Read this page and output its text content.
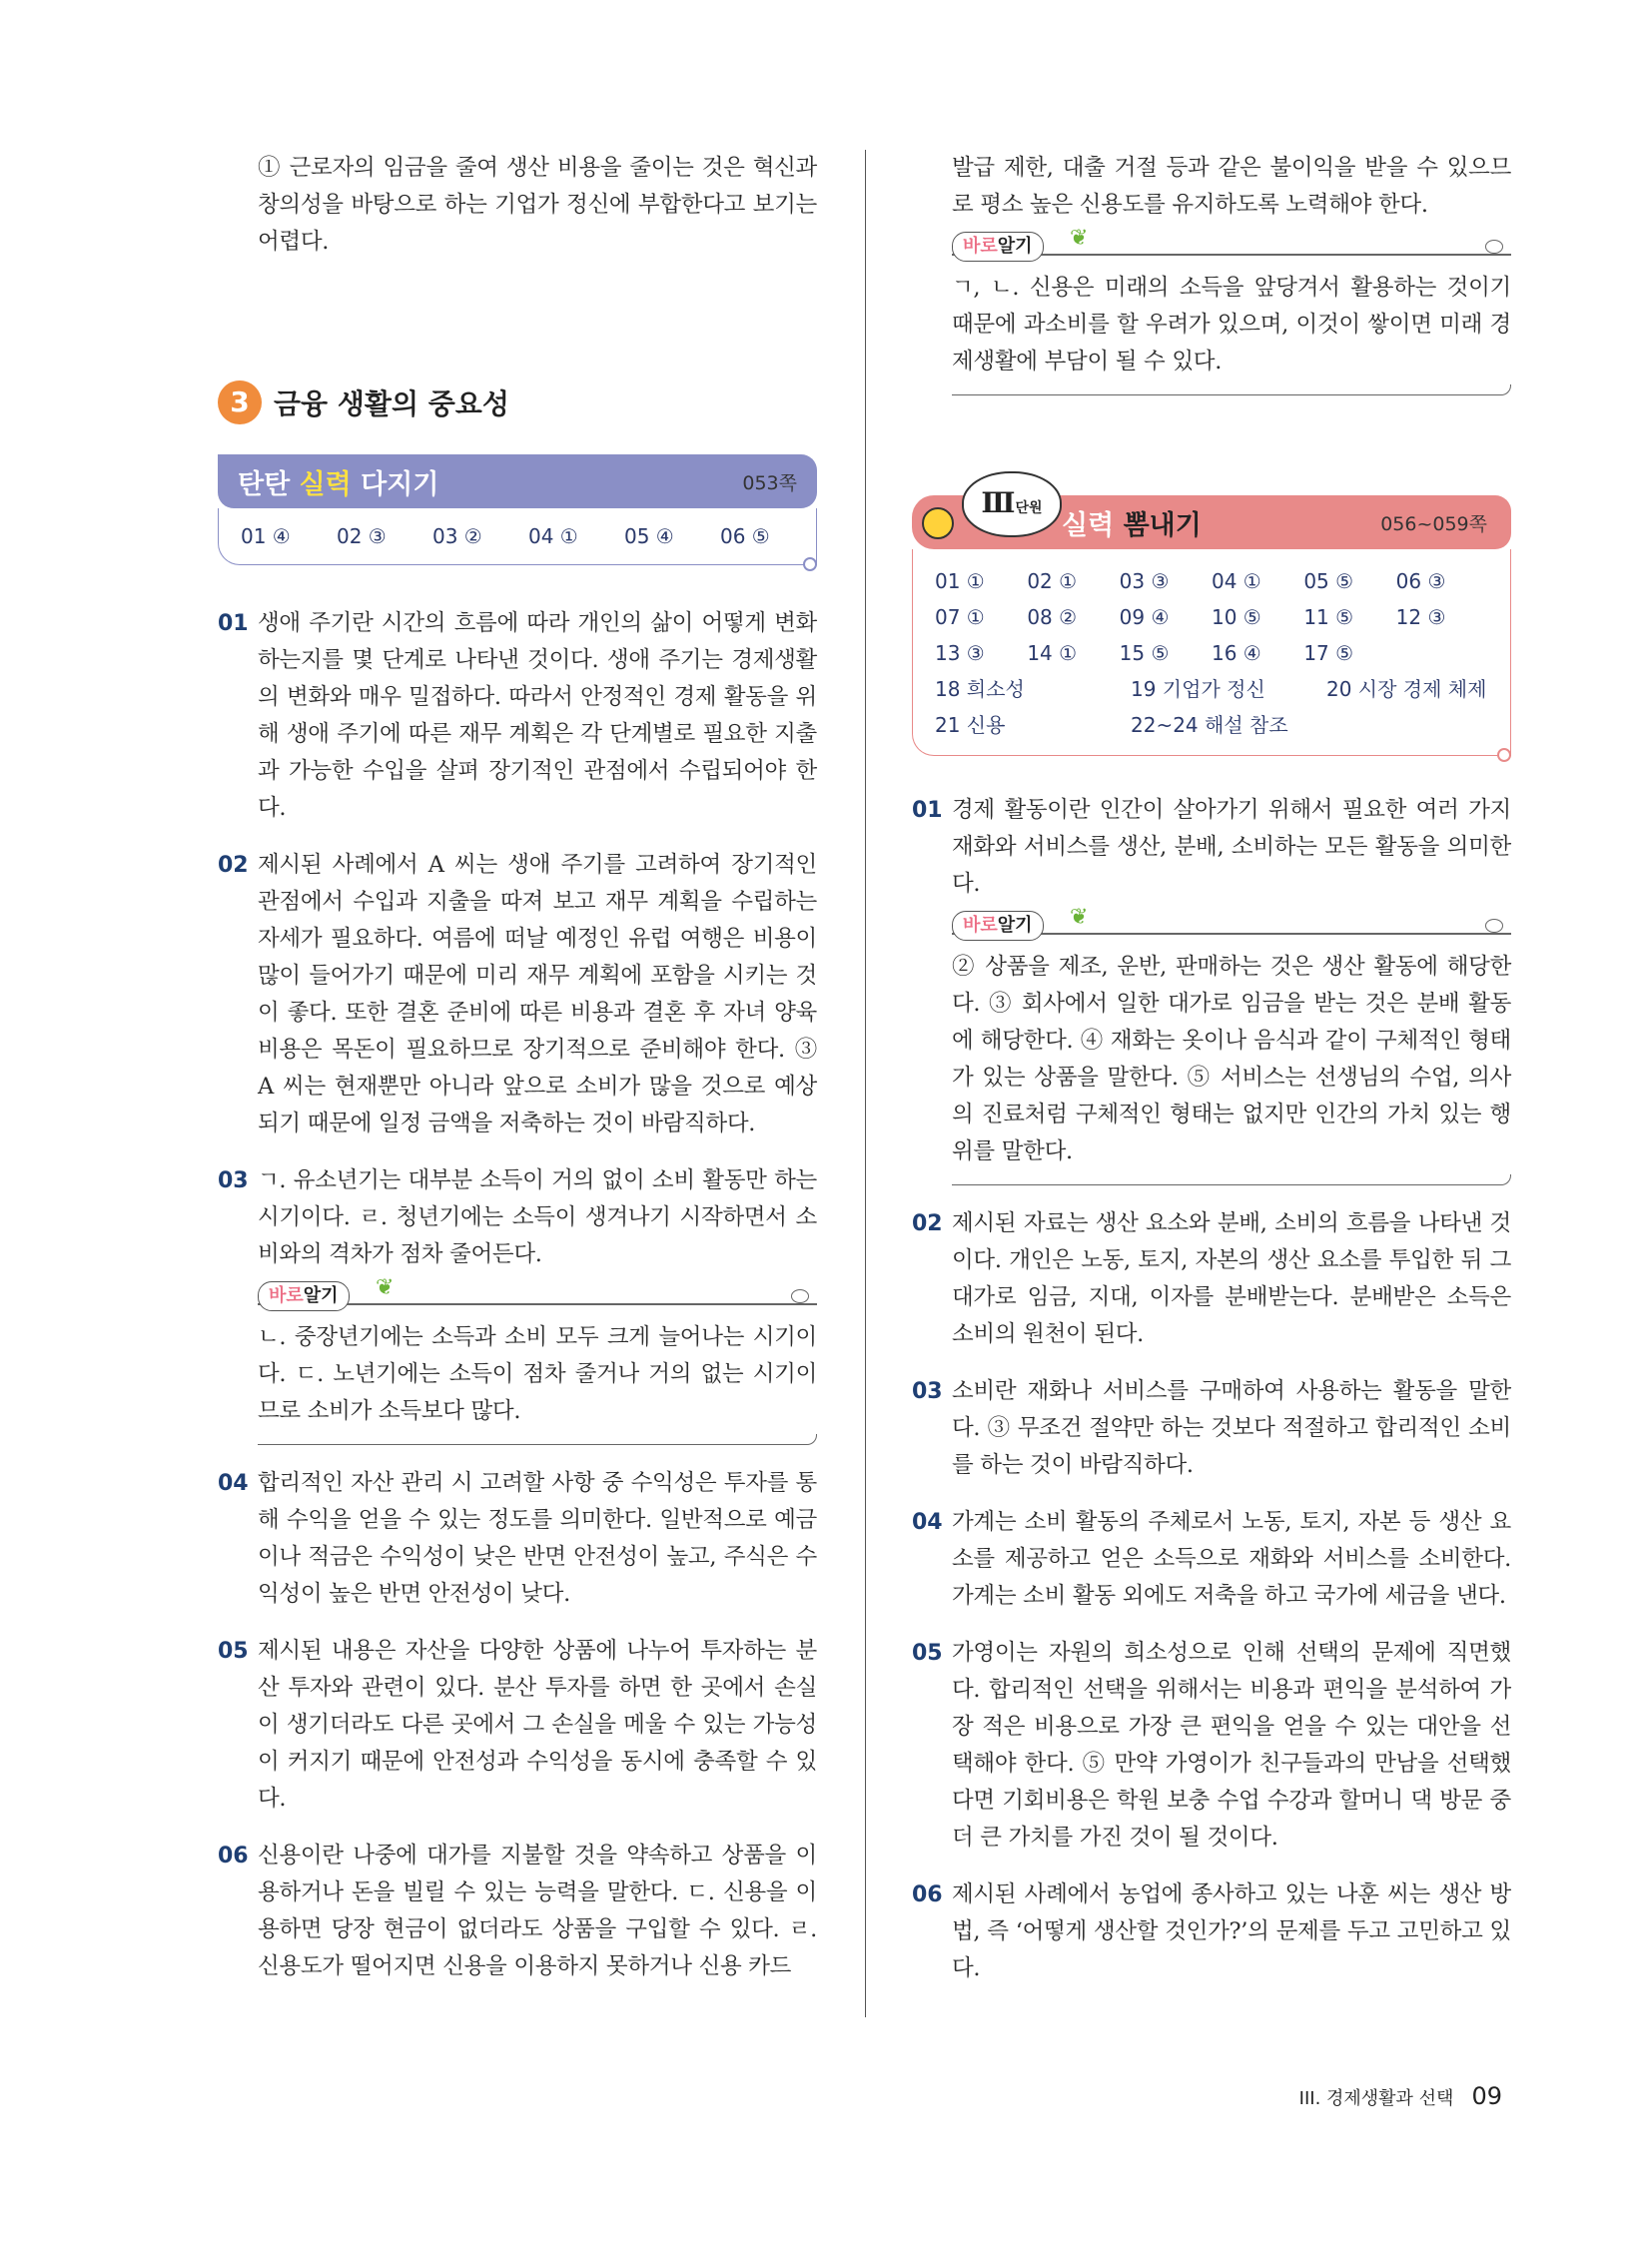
① 근로자의 임금을 줄여 생산 비용을 줄이는 것은 혁신과 창의성을 바탕으로 하는 기업가 정신에 부합한다고 보기는 어렵다.

3 금융 생활의 중요성
탄탄 실력 다지기	053쪽
01 ④	02 ③	03 ②	04 ①	05 ④	06 ⑤
01 생애 주기란 시간의 흐름에 따라 개인의 삶이 어떻게 변화하는지를 몇 단계로 나타낸 것이다. 생애 주기는 경제생활의 변화와 매우 밀접하다. 따라서 안정적인 경제 활동을 위해 생애 주기에 따른 재무 계획은 각 단계별로 필요한 지출과 가능한 수입을 살펴 장기적인 관점에서 수립되어야 한다.

02 제시된 사례에서 A 씨는 생애 주기를 고려하여 장기적인 관점에서 수입과 지출을 따져 보고 재무 계획을 수립하는 자세가 필요하다. 여름에 떠날 예정인 유럽 여행은 비용이 많이 들어가기 때문에 미리 재무 계획에 포함을 시키는 것이 좋다. 또한 결혼 준비에 따른 비용과 결혼 후 자녀 양육 비용은 목돈이 필요하므로 장기적으로 준비해야 한다. ③ A 씨는 현재뿐만 아니라 앞으로 소비가 많을 것으로 예상되기 때문에 일정 금액을 저축하는 것이 바람직하다.

03 ㄱ. 유소년기는 대부분 소득이 거의 없이 소비 활동만 하는 시기이다. ㄹ. 청년기에는 소득이 생겨나기 시작하면서 소비와의 격차가 점차 줄어든다.

바로알기 ❦

ㄴ. 중장년기에는 소득과 소비 모두 크게 늘어나는 시기이다. ㄷ. 노년기에는 소득이 점차 줄거나 거의 없는 시기이므로 소비가 소득보다 많다.

04 합리적인 자산 관리 시 고려할 사항 중 수익성은 투자를 통해 수익을 얻을 수 있는 정도를 의미한다. 일반적으로 예금이나 적금은 수익성이 낮은 반면 안전성이 높고, 주식은 수익성이 높은 반면 안전성이 낮다.

05 제시된 내용은 자산을 다양한 상품에 나누어 투자하는 분산 투자와 관련이 있다. 분산 투자를 하면 한 곳에서 손실이 생기더라도 다른 곳에서 그 손실을 메울 수 있는 가능성이 커지기 때문에 안전성과 수익성을 동시에 충족할 수 있다.

06 신용이란 나중에 대가를 지불할 것을 약속하고 상품을 이용하거나 돈을 빌릴 수 있는 능력을 말한다. ㄷ. 신용을 이용하면 당장 현금이 없더라도 상품을 구입할 수 있다. ㄹ. 신용도가 떨어지면 신용을 이용하지 못하거나 신용 카드

발급 제한, 대출 거절 등과 같은 불이익을 받을 수 있으므로 평소 높은 신용도를 유지하도록 노력해야 한다.

바로알기 ❦

ㄱ, ㄴ. 신용은 미래의 소득을 앞당겨서 활용하는 것이기 때문에 과소비를 할 우려가 있으며, 이것이 쌓이면 미래 경제생활에 부담이 될 수 있다.

Ⅲ단원
실력 뽐내기	056~059쪽
01 ①	02 ①	03 ③	04 ①	05 ⑤	06 ③
07 ①	08 ②	09 ④	10 ⑤	11 ⑤	12 ③
13 ③	14 ①	15 ⑤	16 ④	17 ⑤
18 희소성	19 기업가 정신	20 시장 경제 체제
21 신용	22~24 해설 참조
01 경제 활동이란 인간이 살아가기 위해서 필요한 여러 가지 재화와 서비스를 생산, 분배, 소비하는 모든 활동을 의미한다.

바로알기 ❦

② 상품을 제조, 운반, 판매하는 것은 생산 활동에 해당한다. ③ 회사에서 일한 대가로 임금을 받는 것은 분배 활동에 해당한다. ④ 재화는 옷이나 음식과 같이 구체적인 형태가 있는 상품을 말한다. ⑤ 서비스는 선생님의 수업, 의사의 진료처럼 구체적인 형태는 없지만 인간의 가치 있는 행위를 말한다.

02 제시된 자료는 생산 요소와 분배, 소비의 흐름을 나타낸 것이다. 개인은 노동, 토지, 자본의 생산 요소를 투입한 뒤 그 대가로 임금, 지대, 이자를 분배받는다. 분배받은 소득은 소비의 원천이 된다.

03 소비란 재화나 서비스를 구매하여 사용하는 활동을 말한다. ③ 무조건 절약만 하는 것보다 적절하고 합리적인 소비를 하는 것이 바람직하다.

04 가계는 소비 활동의 주체로서 노동, 토지, 자본 등 생산 요소를 제공하고 얻은 소득으로 재화와 서비스를 소비한다. 가계는 소비 활동 외에도 저축을 하고 국가에 세금을 낸다.

05 가영이는 자원의 희소성으로 인해 선택의 문제에 직면했다. 합리적인 선택을 위해서는 비용과 편익을 분석하여 가장 적은 비용으로 가장 큰 편익을 얻을 수 있는 대안을 선택해야 한다. ⑤ 만약 가영이가 친구들과의 만남을 선택했다면 기회비용은 학원 보충 수업 수강과 할머니 댁 방문 중 더 큰 가치를 가진 것이 될 것이다.

06 제시된 사례에서 농업에 종사하고 있는 나훈 씨는 생산 방법, 즉 ‘어떻게 생산할 것인가?’의 문제를 두고 고민하고 있다.

III. 경제생활과 선택 09
